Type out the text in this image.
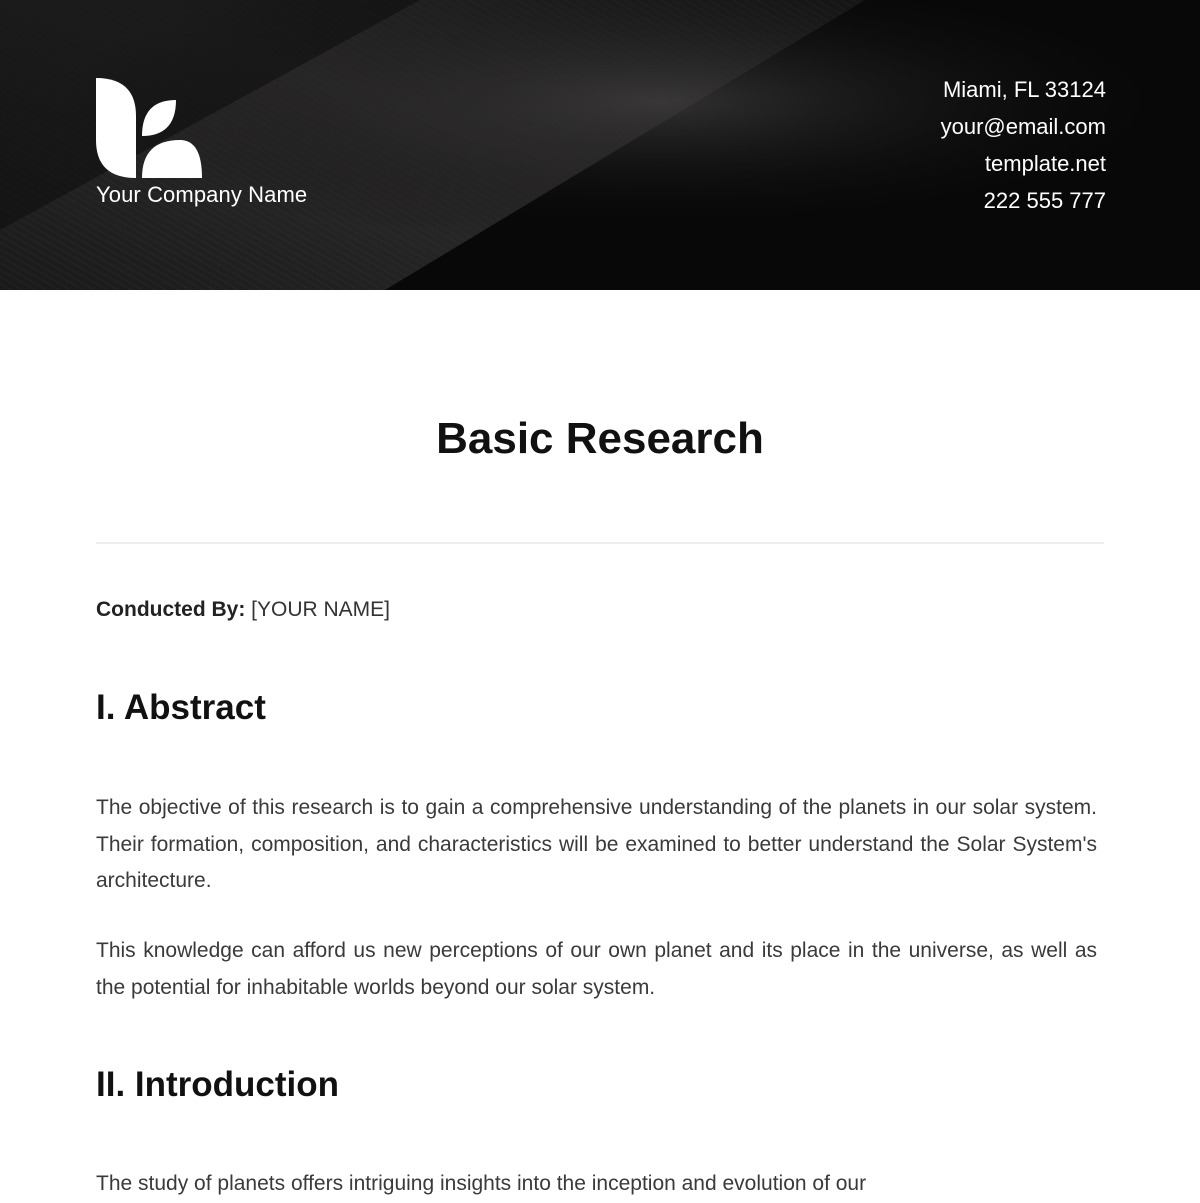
Your Company Name
Miami, FL 33124
your@email.com
template.net
222 555 777
Basic Research
Conducted By: [YOUR NAME]
I. Abstract
The objective of this research is to gain a comprehensive understanding of the planets in our solar system. Their formation, composition, and characteristics will be examined to better understand the Solar System's architecture.
This knowledge can afford us new perceptions of our own planet and its place in the universe, as well as the potential for inhabitable worlds beyond our solar system.
II. Introduction
The study of planets offers intriguing insights into the inception and evolution of our
